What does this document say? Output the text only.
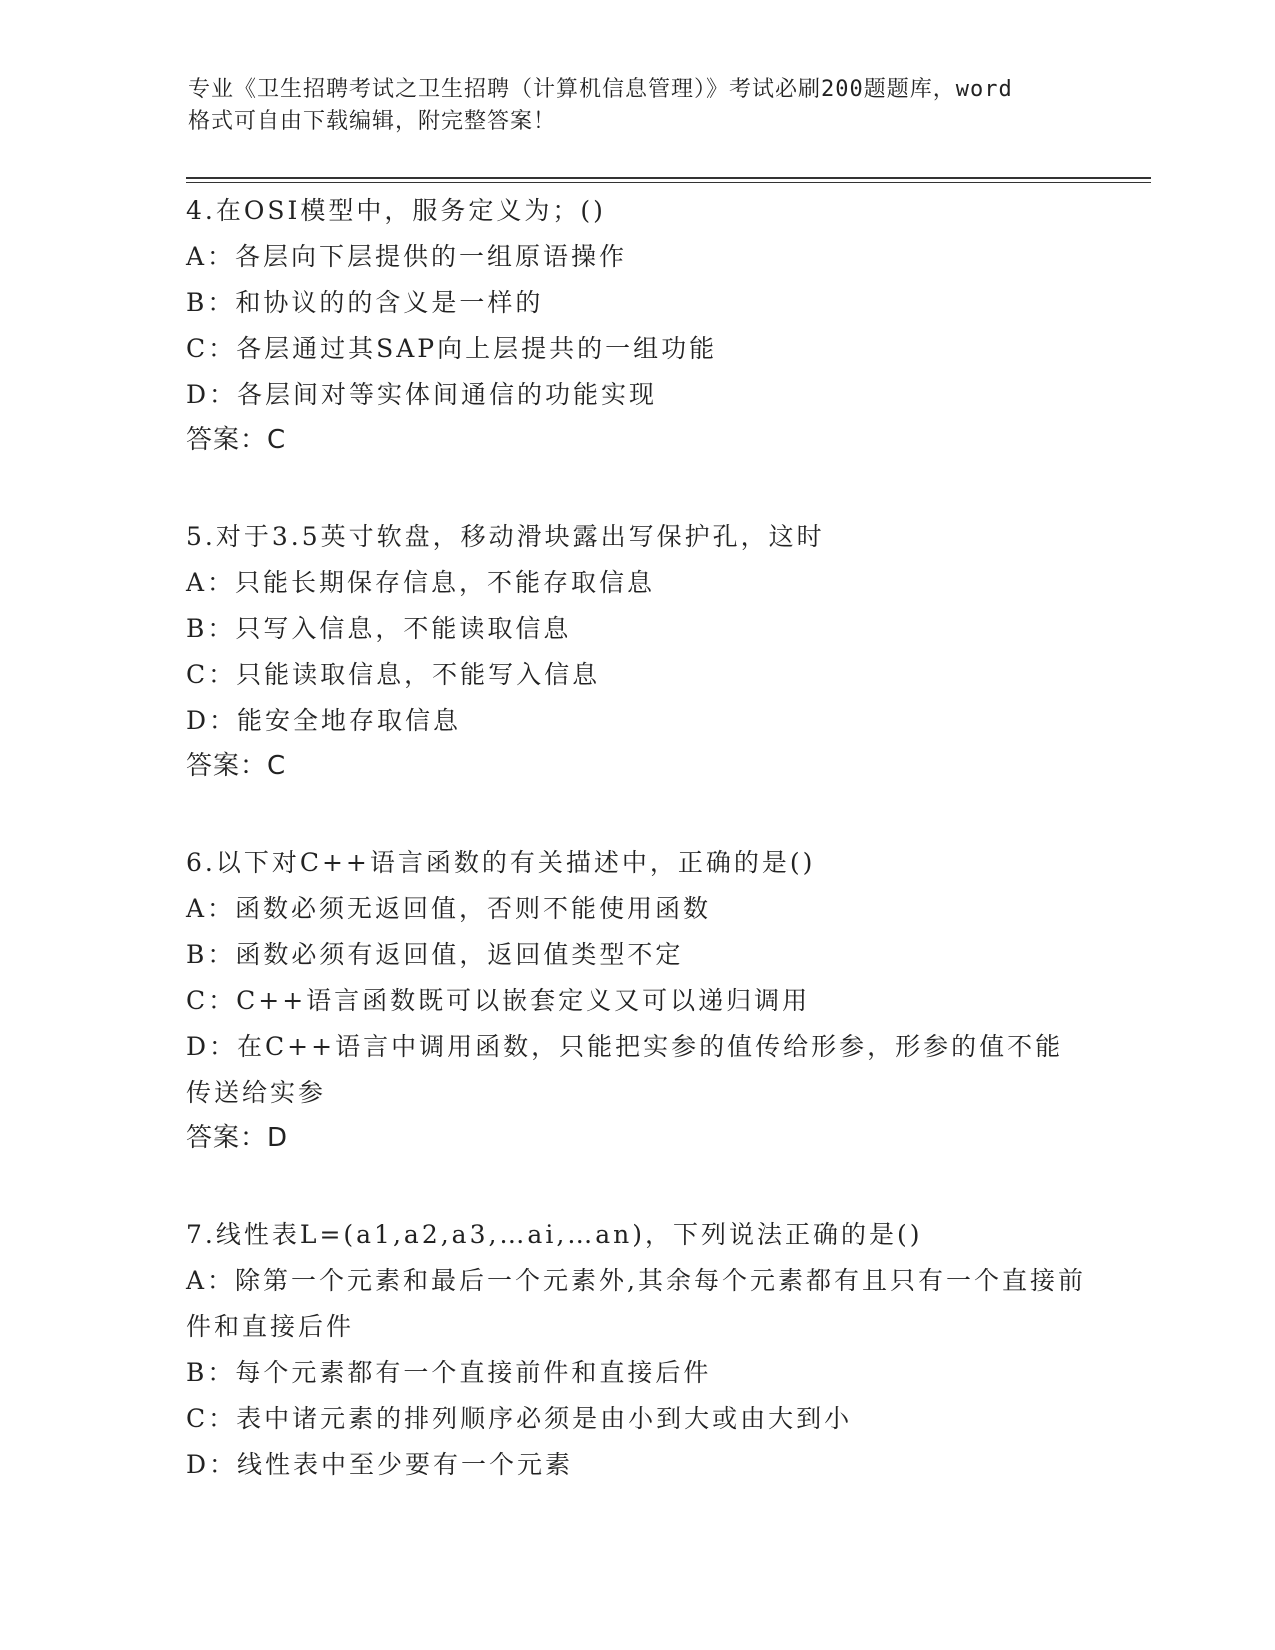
专业《卫生招聘考试之卫生招聘（计算机信息管理）》考试必刷200题题库，word
格式可自由下载编辑，附完整答案！
4.在OSI模型中，服务定义为；()
A：各层向下层提供的一组原语操作
B：和协议的的含义是一样的
C：各层通过其SAP向上层提共的一组功能
D：各层间对等实体间通信的功能实现
答案：C
5.对于3.5英寸软盘，移动滑块露出写保护孔，这时
A：只能长期保存信息，不能存取信息
B：只写入信息，不能读取信息
C：只能读取信息，不能写入信息
D：能安全地存取信息
答案：C
6.以下对C++语言函数的有关描述中，正确的是()
A：函数必须无返回值，否则不能使用函数
B：函数必须有返回值，返回值类型不定
C：C++语言函数既可以嵌套定义又可以递归调用
D：在C++语言中调用函数，只能把实参的值传给形参，形参的值不能传送给实参
答案：D
7.线性表L=(a1,a2,a3,…ai,…an)，下列说法正确的是()
A：除第一个元素和最后一个元素外,其余每个元素都有且只有一个直接前件和直接后件
B：每个元素都有一个直接前件和直接后件
C：表中诸元素的排列顺序必须是由小到大或由大到小
D：线性表中至少要有一个元素
